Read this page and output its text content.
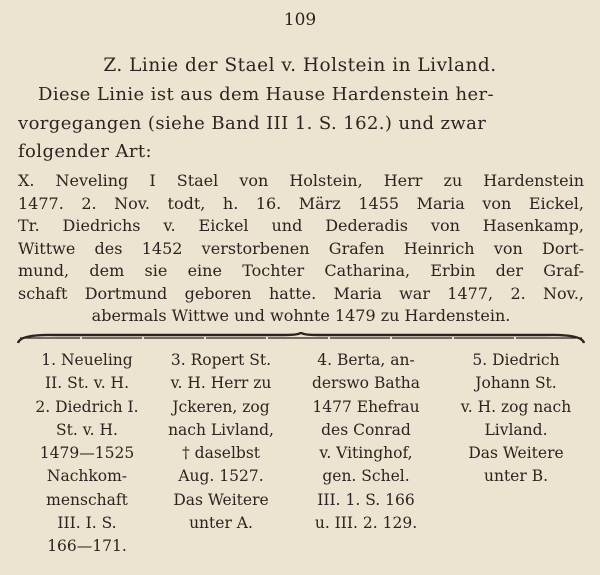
109
Z. Linie der Stael v. Holstein in Livland.
Diese Linie ist aus dem Hause Hardenstein her-
vorgegangen (siehe Band III 1. S. 162.) und zwar
folgender Art:
X. Neveling I Stael von Holstein, Herr zu Hardenstein
1477. 2. Nov. todt, h. 16. März 1455 Maria von Eickel,
Tr. Diedrichs v. Eickel und Dederadis von Hasenkamp,
Wittwe des 1452 verstorbenen Grafen Heinrich von Dort-
mund, dem sie eine Tochter Catharina, Erbin der Graf-
schaft Dortmund geboren hatte. Maria war 1477, 2. Nov.,
abermals Wittwe und wohnte 1479 zu Hardenstein.
1. Neueling
II. St. v. H.
2. Diedrich I.
St. v. H.
1479—1525
Nachkom-
menschaft
III. I. S.
166—171.
3. Ropert St.
v. H. Herr zu
Jckeren, zog
nach Livland,
† daselbst
Aug. 1527.
Das Weitere
unter A.
4. Berta, an-
derswo Batha
1477 Ehefrau
des Conrad
v. Vitinghof,
gen. Schel.
III. 1. S. 166
u. III. 2. 129.
5. Diedrich
Johann St.
v. H. zog nach
Livland.
Das Weitere
unter B.
